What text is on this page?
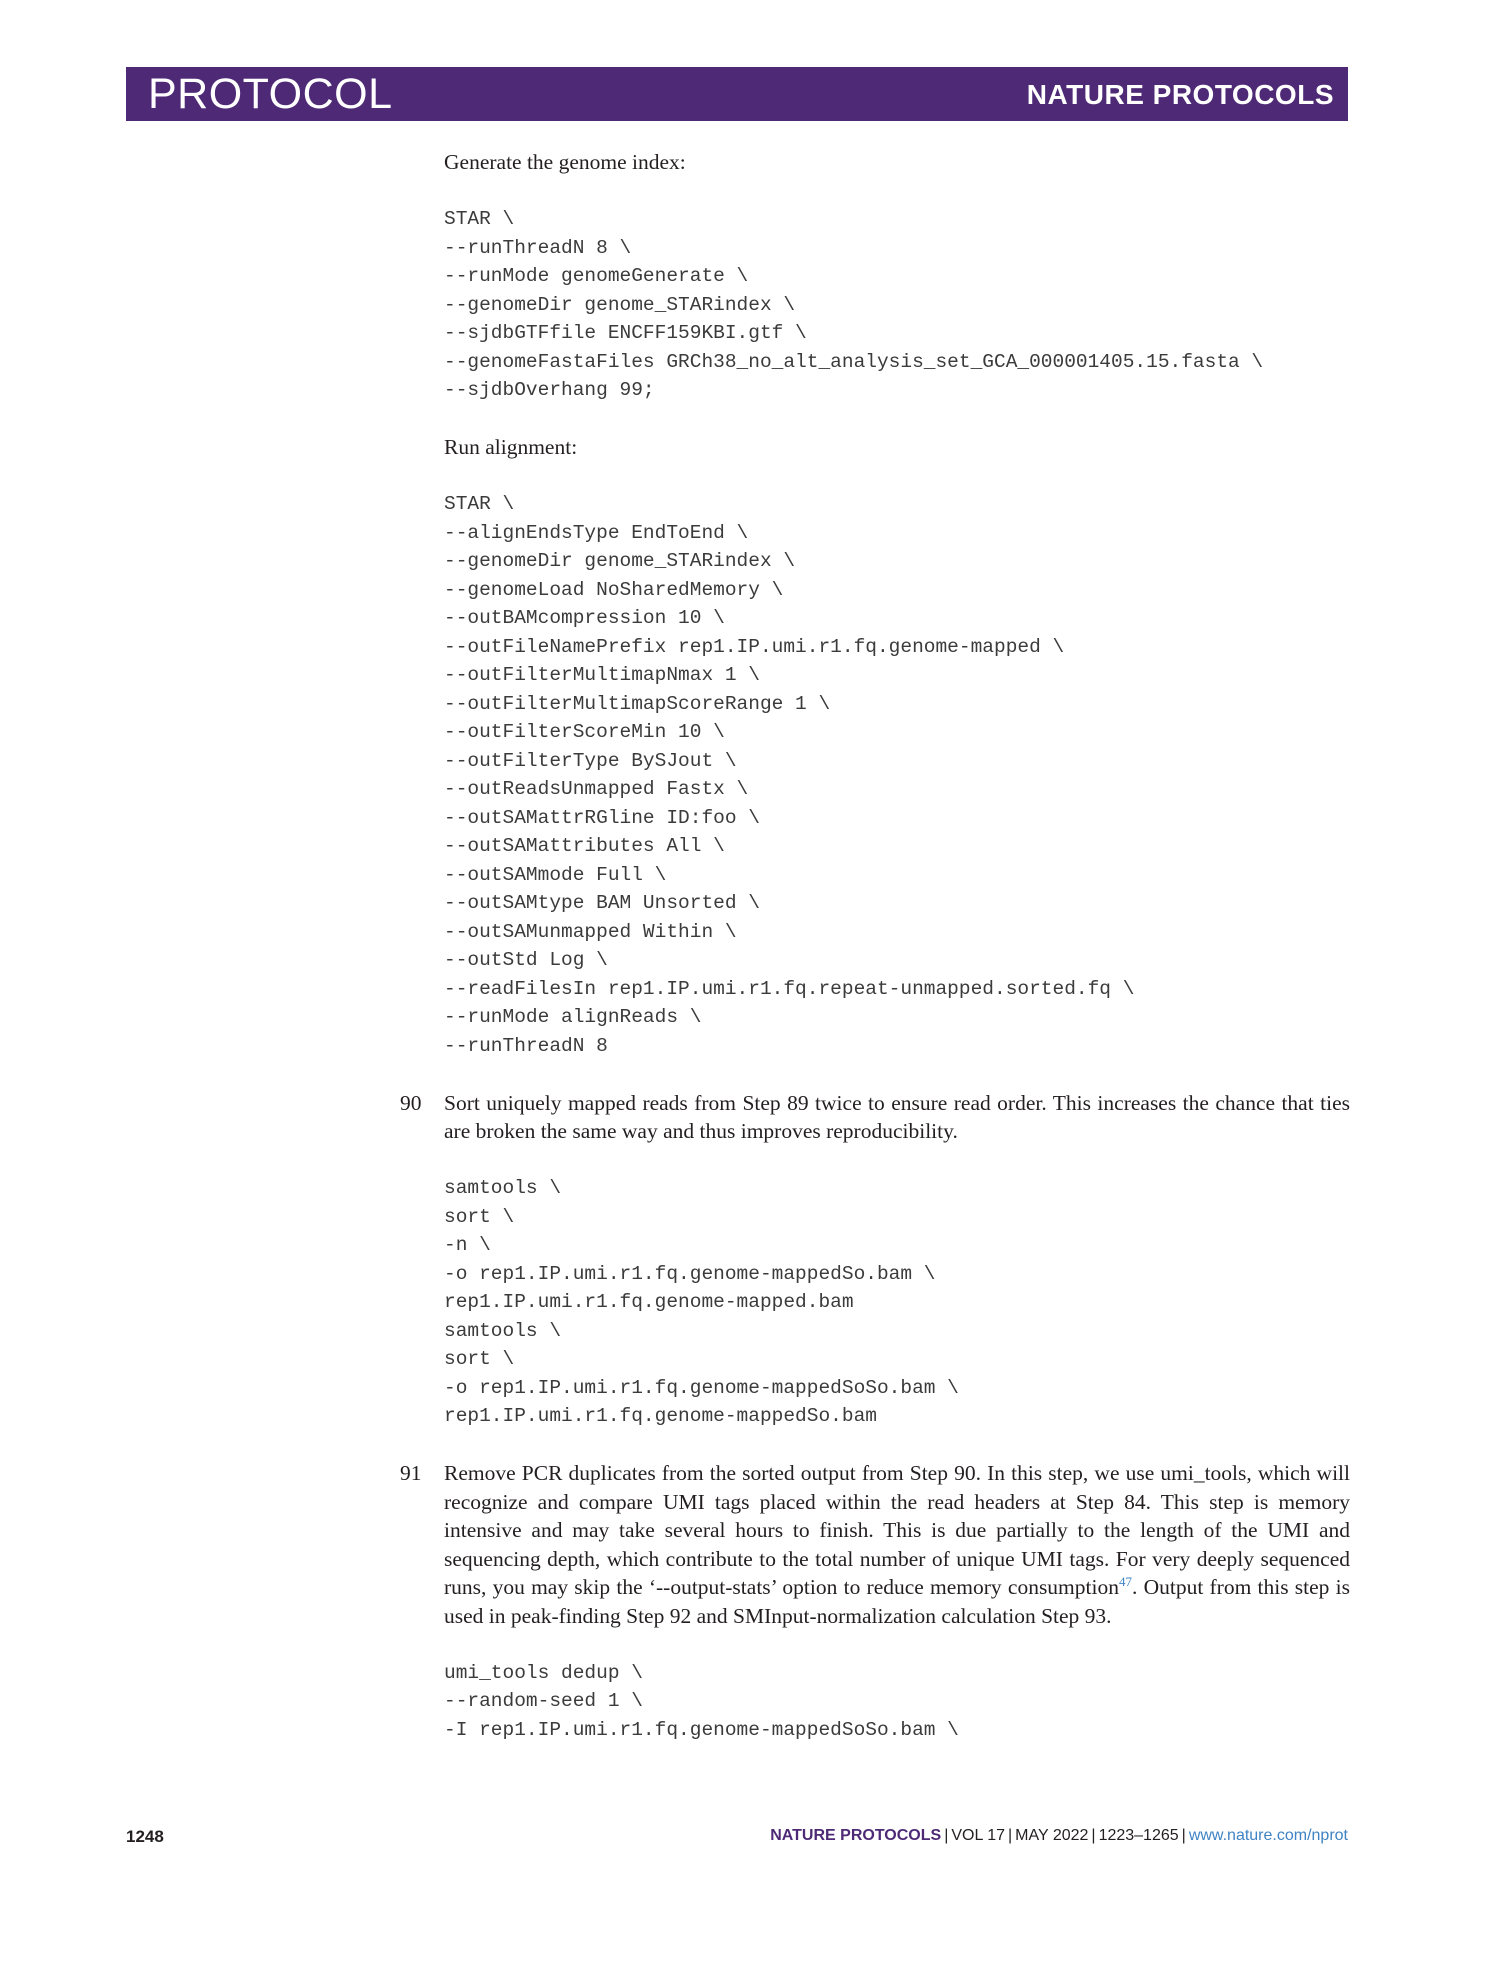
PROTOCOL	NATURE PROTOCOLS

Generate the genome index:

STAR \
--runThreadN 8 \
--runMode genomeGenerate \
--genomeDir genome_STARindex \
--sjdbGTFfile ENCFF159KBI.gtf \
--genomeFastaFiles GRCh38_no_alt_analysis_set_GCA_000001405.15.fasta \
--sjdbOverhang 99;

Run alignment:

STAR \
--alignEndsType EndToEnd \
--genomeDir genome_STARindex \
--genomeLoad NoSharedMemory \
--outBAMcompression 10 \
--outFileNamePrefix rep1.IP.umi.r1.fq.genome-mapped \
--outFilterMultimapNmax 1 \
--outFilterMultimapScoreRange 1 \
--outFilterScoreMin 10 \
--outFilterType BySJout \
--outReadsUnmapped Fastx \
--outSAMattrRGline ID:foo \
--outSAMattributes All \
--outSAMmode Full \
--outSAMtype BAM Unsorted \
--outSAMunmapped Within \
--outStd Log \
--readFilesIn rep1.IP.umi.r1.fq.repeat-unmapped.sorted.fq \
--runMode alignReads \
--runThreadN 8
90 Sort uniquely mapped reads from Step 89 twice to ensure read order. This increases the chance that ties are broken the same way and thus improves reproducibility.

samtools \
sort \
-n \
-o rep1.IP.umi.r1.fq.genome-mappedSo.bam \
rep1.IP.umi.r1.fq.genome-mapped.bam
samtools \
sort \
-o rep1.IP.umi.r1.fq.genome-mappedSoSo.bam \
rep1.IP.umi.r1.fq.genome-mappedSo.bam
91 Remove PCR duplicates from the sorted output from Step 90. In this step, we use umi_tools, which will recognize and compare UMI tags placed within the read headers at Step 84. This step is memory intensive and may take several hours to finish. This is due partially to the length of the UMI and sequencing depth, which contribute to the total number of unique UMI tags. For very deeply sequenced runs, you may skip the ‘--output-stats’ option to reduce memory consumption$^{47}$. Output from this step is used in peak-finding Step 92 and SMInput-normalization calculation Step 93.

umi_tools dedup \
--random-seed 1 \
-I rep1.IP.umi.r1.fq.genome-mappedSoSo.bam \
1248	NATURE PROTOCOLS | VOL 17 | MAY 2022 | 1223–1265 | www.nature.com/nprot
